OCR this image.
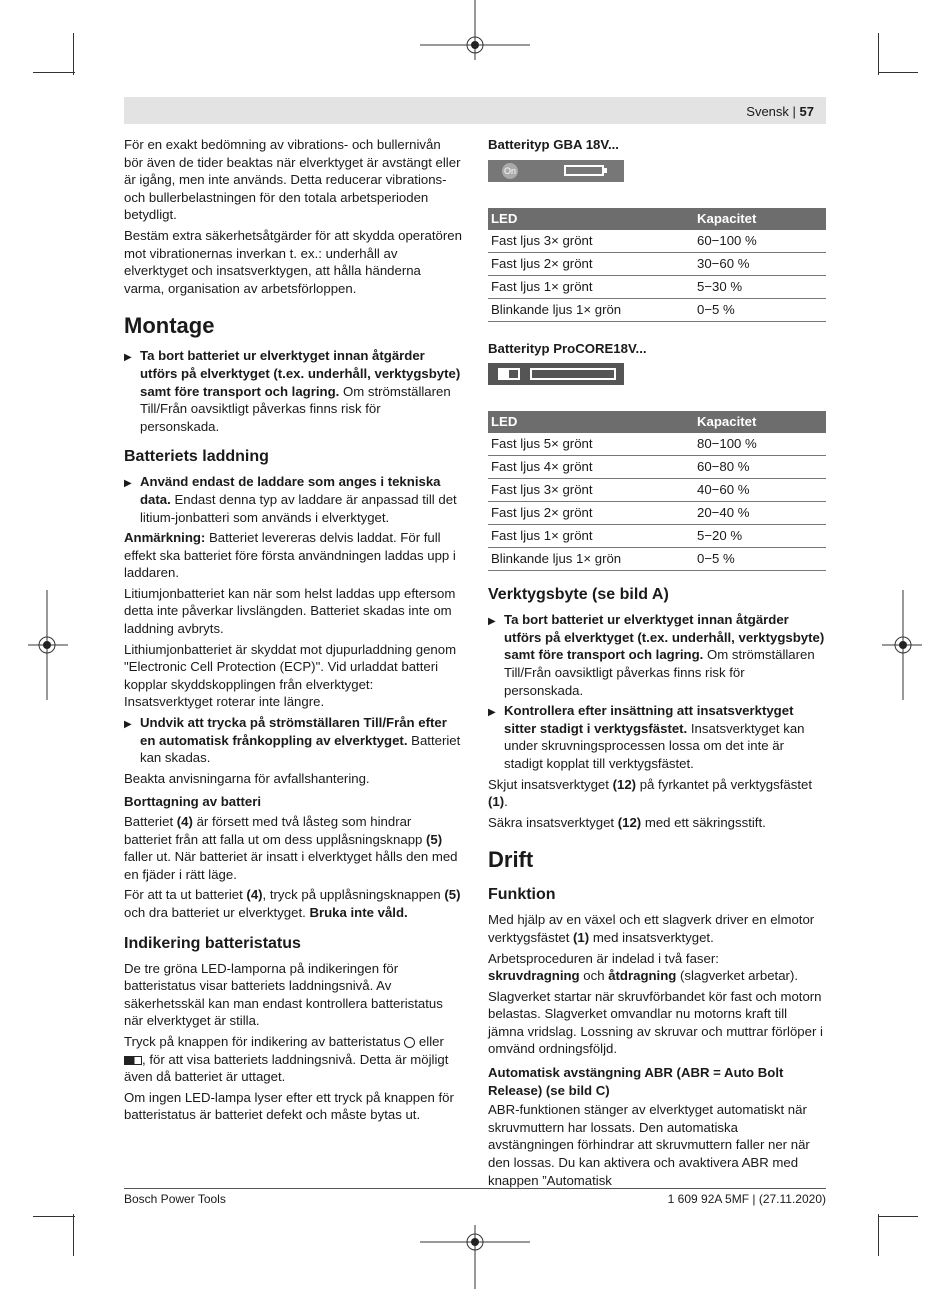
Svensk | 57

För en exakt bedömning av vibrations- och bullernivån bör även de tider beaktas när elverktyget är avstängt eller är igång, men inte används. Detta reducerar vibrations- och bullerbelastningen för den totala arbetsperioden betydligt.

Bestäm extra säkerhetsåtgärder för att skydda operatören mot vibrationernas inverkan t. ex.: underhåll av elverktyget och insatsverktygen, att hålla händerna varma, organisation av arbetsförloppen.

Montage
▶ Ta bort batteriet ur elverktyget innan åtgärder utförs på elverktyget (t.ex. underhåll, verktygsbyte) samt före transport och lagring. Om strömställaren Till/Från oavsiktligt påverkas finns risk för personskada.
Batteriets laddning
▶ Använd endast de laddare som anges i tekniska data. Endast denna typ av laddare är anpassad till det litium-jonbatteri som används i elverktyget.

Anmärkning: Batteriet levereras delvis laddat. För full effekt ska batteriet före första användningen laddas upp i laddaren.

Litiumjonbatteriet kan när som helst laddas upp eftersom detta inte påverkar livslängden. Batteriet skadas inte om laddning avbryts.

Lithiumjonbatteriet är skyddat mot djupurladdning genom "Electronic Cell Protection (ECP)". Vid urladdat batteri kopplar skyddskopplingen från elverktyget: Insatsverktyget roterar inte längre.

▶ Undvik att trycka på strömställaren Till/Från efter en automatisk frånkoppling av elverktyget. Batteriet kan skadas.

Beakta anvisningarna för avfallshantering.

Borttagning av batteri

Batteriet (4) är försett med två låsteg som hindrar batteriet från att falla ut om dess upplåsningsknapp (5) faller ut. När batteriet är insatt i elverktyget hålls den med en fjäder i rätt läge.

För att ta ut batteriet (4), tryck på upplåsningsknappen (5) och dra batteriet ur elverktyget. Bruka inte våld.

Indikering batteristatus

De tre gröna LED-lamporna på indikeringen för batteristatus visar batteriets laddningsnivå. Av säkerhetsskäl kan man endast kontrollera batteristatus när elverktyget är stilla.

Tryck på knappen för indikering av batteristatus  eller , för att visa batteriets laddningsnivå. Detta är möjligt även då batteriet är uttaget.

Om ingen LED-lampa lyser efter ett tryck på knappen för batteristatus är batteriet defekt och måste bytas ut.

Batterityp GBA 18V...
On
LED	Kapacitet
Fast ljus 3× grönt	60−100 %
Fast ljus 2× grönt	30−60 %
Fast ljus 1× grönt	5−30 %
Blinkande ljus 1× grön	0−5 %
Batterityp ProCORE18V...
LED	Kapacitet
Fast ljus 5× grönt	80−100 %
Fast ljus 4× grönt	60−80 %
Fast ljus 3× grönt	40−60 %
Fast ljus 2× grönt	20−40 %
Fast ljus 1× grönt	5−20 %
Blinkande ljus 1× grön	0−5 %
Verktygsbyte (se bild A)
▶ Ta bort batteriet ur elverktyget innan åtgärder utförs på elverktyget (t.ex. underhåll, verktygsbyte) samt före transport och lagring. Om strömställaren Till/Från oavsiktligt påverkas finns risk för personskada.
▶ Kontrollera efter insättning att insatsverktyget sitter stadigt i verktygsfästet. Insatsverktyget kan under skruvningsprocessen lossa om det inte är stadigt kopplat till verktygsfästet.

Skjut insatsverktyget (12) på fyrkantet på verktygsfästet (1).

Säkra insatsverktyget (12) med ett säkringsstift.

Drift
Funktion

Med hjälp av en växel och ett slagverk driver en elmotor verktygsfästet (1) med insatsverktyget.

Arbetsproceduren är indelad i två faser:
skruvdragning och åtdragning (slagverket arbetar).

Slagverket startar när skruvförbandet kör fast och motorn belastas. Slagverket omvandlar nu motorns kraft till jämna vridslag. Lossning av skruvar och muttrar förlöper i omvänd ordningsföljd.

Automatisk avstängning ABR (ABR = Auto Bolt Release) (se bild C)

ABR-funktionen stänger av elverktyget automatiskt när skruvmuttern har lossats. Den automatiska avstängningen förhindrar att skruvmuttern faller ner när den lossas. Du kan aktivera och avaktivera ABR med knappen ”Automatisk

Bosch Power Tools	1 609 92A 5MF | (27.11.2020)
